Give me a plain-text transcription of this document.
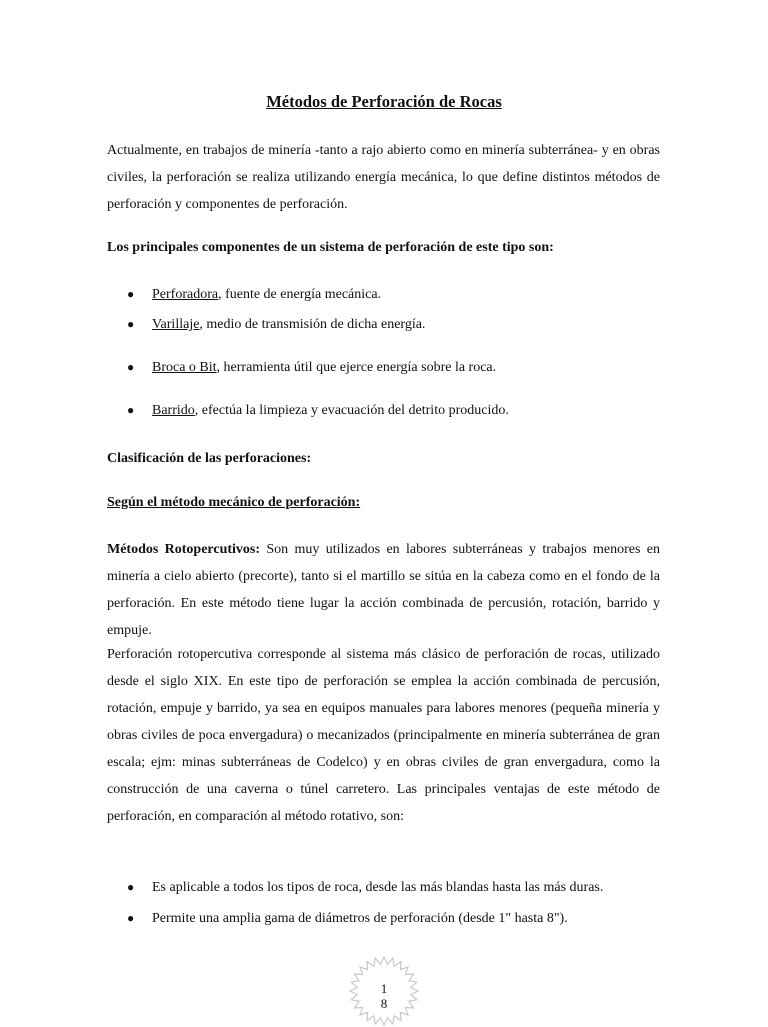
Métodos de Perforación de Rocas

Actualmente, en trabajos de minería -tanto a rajo abierto como en minería subterránea- y en obras civiles, la perforación se realiza utilizando energía mecánica, lo que define distintos métodos de perforación y componentes de perforación.

Los principales componentes de un sistema de perforación de este tipo son:

● Perforadora, fuente de energía mecánica.
● Varillaje, medio de transmisión de dicha energía.
● Broca o Bit, herramienta útil que ejerce energía sobre la roca.
● Barrido, efectúa la limpieza y evacuación del detrito producido.

Clasificación de las perforaciones:

Según el método mecánico de perforación:

Métodos Rotopercutivos: Son muy utilizados en labores subterráneas y trabajos menores en minería a cielo abierto (precorte), tanto si el martillo se sitúa en la cabeza como en el fondo de la perforación. En este método tiene lugar la acción combinada de percusión, rotación, barrido y empuje.

Perforación rotopercutiva corresponde al sistema más clásico de perforación de rocas, utilizado desde el siglo XIX. En este tipo de perforación se emplea la acción combinada de percusión, rotación, empuje y barrido, ya sea en equipos manuales para labores menores (pequeña minería y obras civiles de poca envergadura) o mecanizados (principalmente en minería subterránea de gran escala; ejm: minas subterráneas de Codelco) y en obras civiles de gran envergadura, como la construcción de una caverna o túnel carretero. Las principales ventajas de este método de perforación, en comparación al método rotativo, son:

● Es aplicable a todos los tipos de roca, desde las más blandas hasta las más duras.
● Permite una amplia gama de diámetros de perforación (desde 1" hasta 8").
1
8
